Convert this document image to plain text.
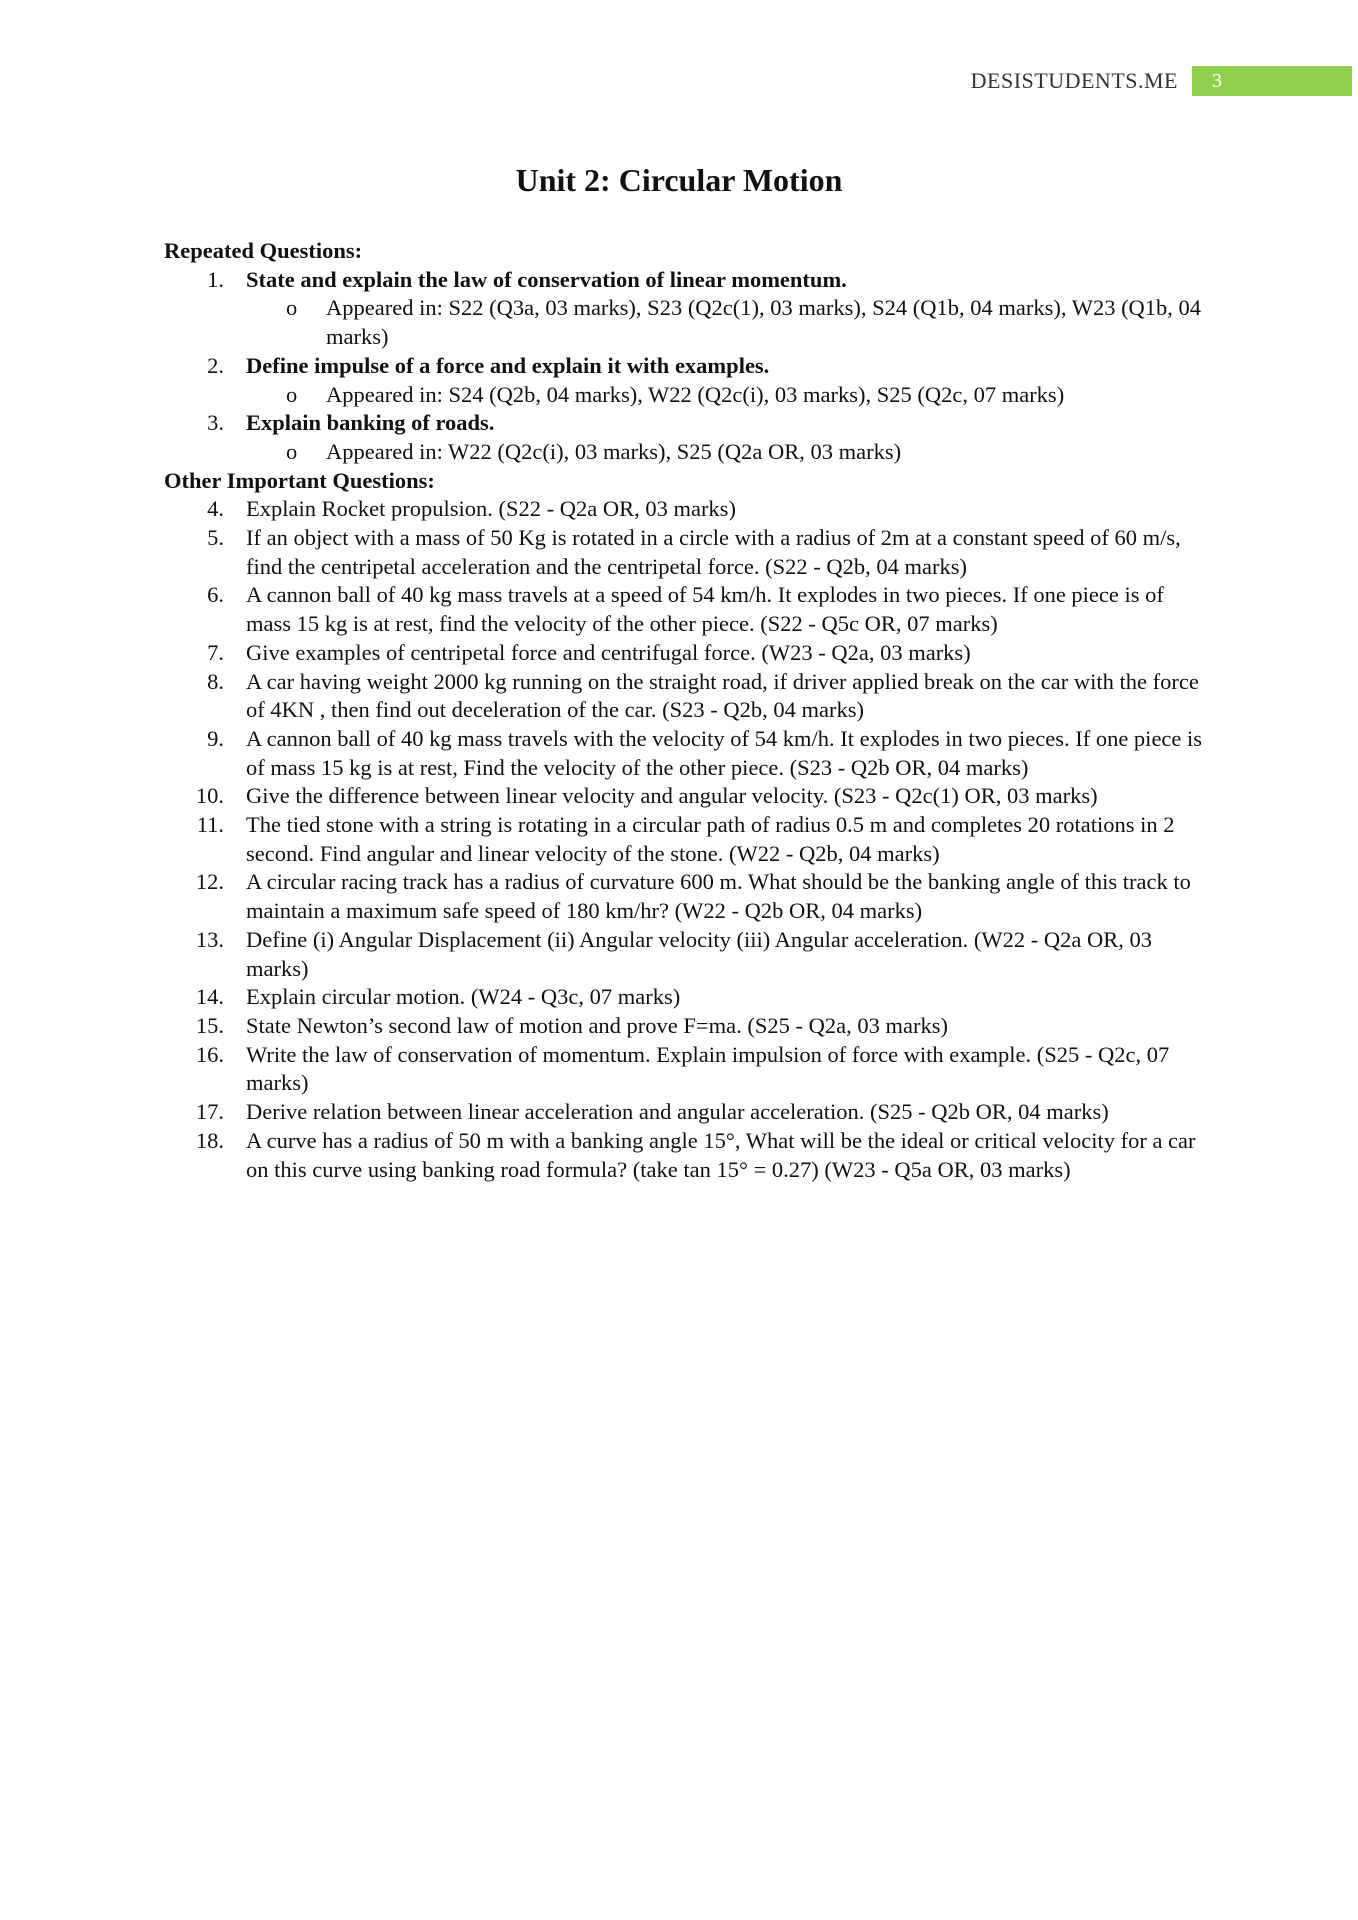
DESISTUDENTS.ME 3
Unit 2: Circular Motion
Repeated Questions:
1. State and explain the law of conservation of linear momentum.
o Appeared in: S22 (Q3a, 03 marks), S23 (Q2c(1), 03 marks), S24 (Q1b, 04 marks), W23 (Q1b, 04 marks)
2. Define impulse of a force and explain it with examples.
o Appeared in: S24 (Q2b, 04 marks), W22 (Q2c(i), 03 marks), S25 (Q2c, 07 marks)
3. Explain banking of roads.
o Appeared in: W22 (Q2c(i), 03 marks), S25 (Q2a OR, 03 marks)
Other Important Questions:
4. Explain Rocket propulsion. (S22 - Q2a OR, 03 marks)
5. If an object with a mass of 50 Kg is rotated in a circle with a radius of 2m at a constant speed of 60 m/s, find the centripetal acceleration and the centripetal force. (S22 - Q2b, 04 marks)
6. A cannon ball of 40 kg mass travels at a speed of 54 km/h. It explodes in two pieces. If one piece is of mass 15 kg is at rest, find the velocity of the other piece. (S22 - Q5c OR, 07 marks)
7. Give examples of centripetal force and centrifugal force. (W23 - Q2a, 03 marks)
8. A car having weight 2000 kg running on the straight road, if driver applied break on the car with the force of 4KN , then find out deceleration of the car. (S23 - Q2b, 04 marks)
9. A cannon ball of 40 kg mass travels with the velocity of 54 km/h. It explodes in two pieces. If one piece is of mass 15 kg is at rest, Find the velocity of the other piece. (S23 - Q2b OR, 04 marks)
10. Give the difference between linear velocity and angular velocity. (S23 - Q2c(1) OR, 03 marks)
11. The tied stone with a string is rotating in a circular path of radius 0.5 m and completes 20 rotations in 2 second. Find angular and linear velocity of the stone. (W22 - Q2b, 04 marks)
12. A circular racing track has a radius of curvature 600 m. What should be the banking angle of this track to maintain a maximum safe speed of 180 km/hr? (W22 - Q2b OR, 04 marks)
13. Define (i) Angular Displacement (ii) Angular velocity (iii) Angular acceleration. (W22 - Q2a OR, 03 marks)
14. Explain circular motion. (W24 - Q3c, 07 marks)
15. State Newton’s second law of motion and prove F=ma. (S25 - Q2a, 03 marks)
16. Write the law of conservation of momentum. Explain impulsion of force with example. (S25 - Q2c, 07 marks)
17. Derive relation between linear acceleration and angular acceleration. (S25 - Q2b OR, 04 marks)
18. A curve has a radius of 50 m with a banking angle 15°, What will be the ideal or critical velocity for a car on this curve using banking road formula? (take tan 15° = 0.27) (W23 - Q5a OR, 03 marks)
